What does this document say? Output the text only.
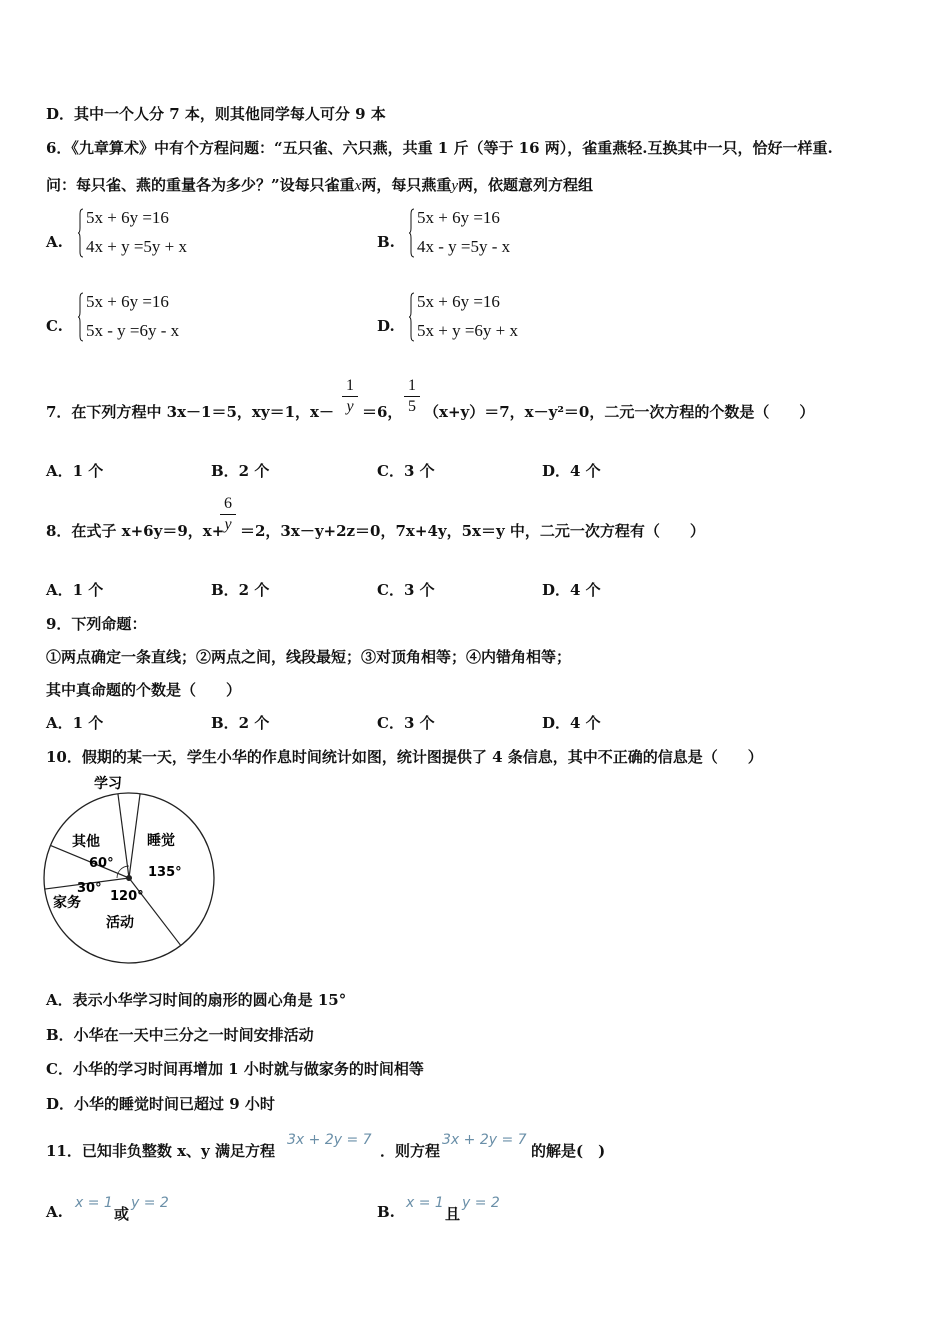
D．其中一个人分 7 本，则其他同学每人可分 9 本
6．《九章算术》中有个方程问题：“五只雀、六只燕，共重 1 斤（等于 16 两），雀重燕轻.互换其中一只，恰好一样重.
问：每只雀、燕的重量各为多少？”设每只雀重x两，每只燕重y两，依题意列方程组
A.
5x + 6y =16
4x + y =5y + x	B.
5x + 6y =16
4x - y =5y - x
C.
5x + 6y =16
5x - y =6y - x	D.
5x + 6y =16
5x + y =6y + x
7．在下列方程中 3x－1＝5，xy＝1，x－
1
y ＝6，
1
5 （x+y）＝7，x－y²＝0，二元一次方程的个数是（　　）
A．1 个	B．2 个	C．3 个	D．4 个
8．在式子 x+6y＝9，x+
6
y ＝2，3x－y+2z＝0，7x+4y，5x＝y 中，二元一次方程有（　　）
A．1 个	B．2 个	C．3 个	D．4 个
9．下列命题：
①两点确定一条直线；②两点之间，线段最短；③对顶角相等；④内错角相等；
其中真命题的个数是（　　）
A．1 个	B．2 个	C．3 个	D．4 个
10．假期的某一天，学生小华的作息时间统计如图，统计图提供了 4 条信息，其中不正确的信息是（　　）
学习
睡觉
135°
其他
60°
30°
家务 120°
活动
A．表示小华学习时间的扇形的圆心角是 15°
B．小华在一天中三分之一时间安排活动
C．小华的学习时间再增加 1 小时就与做家务的时间相等
D．小华的睡觉时间已超过 9 小时
11．已知非负整数 x、y 满足方程
3x + 2y = 7
．则方程
3x + 2y = 7
的解是(　)
A. x = 1
或
y = 2	B. x = 1
且
y = 2
